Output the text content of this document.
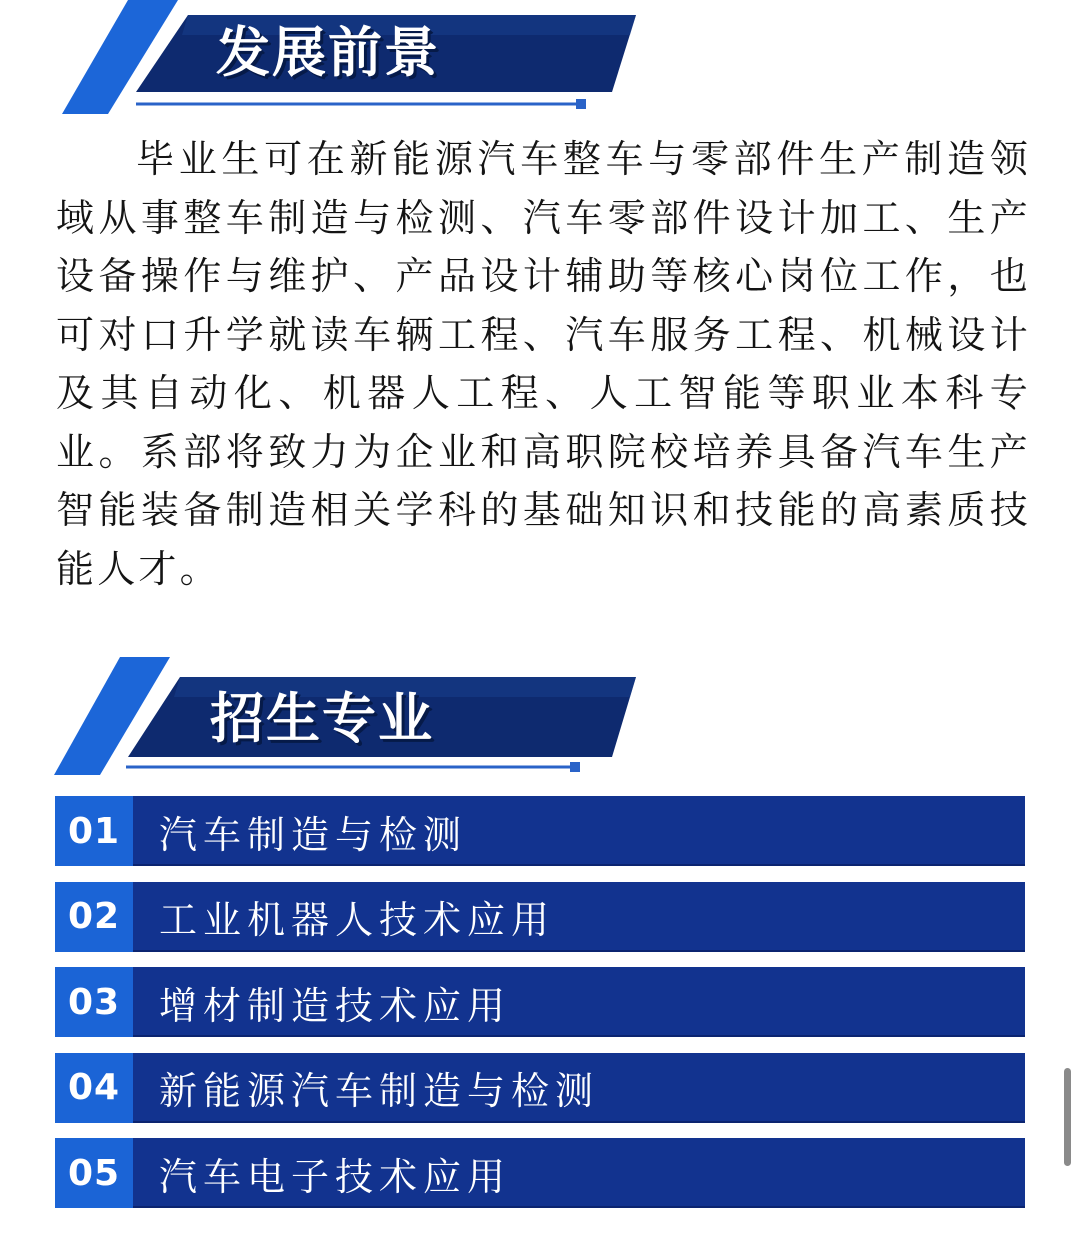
发展前景

毕业生可在新能源汽车整车与零部件生产制造领域从事整车制造与检测、汽车零部件设计加工、生产设备操作与维护、产品设计辅助等核心岗位工作，也可对口升学就读车辆工程、汽车服务工程、机械设计及其自动化、机器人工程、人工智能等职业本科专业。系部将致力为企业和高职院校培养具备汽车生产智能装备制造相关学科的基础知识和技能的高素质技能人才。

招生专业
01	汽车制造与检测
02	工业机器人技术应用
03	增材制造技术应用
04	新能源汽车制造与检测
05	汽车电子技术应用
